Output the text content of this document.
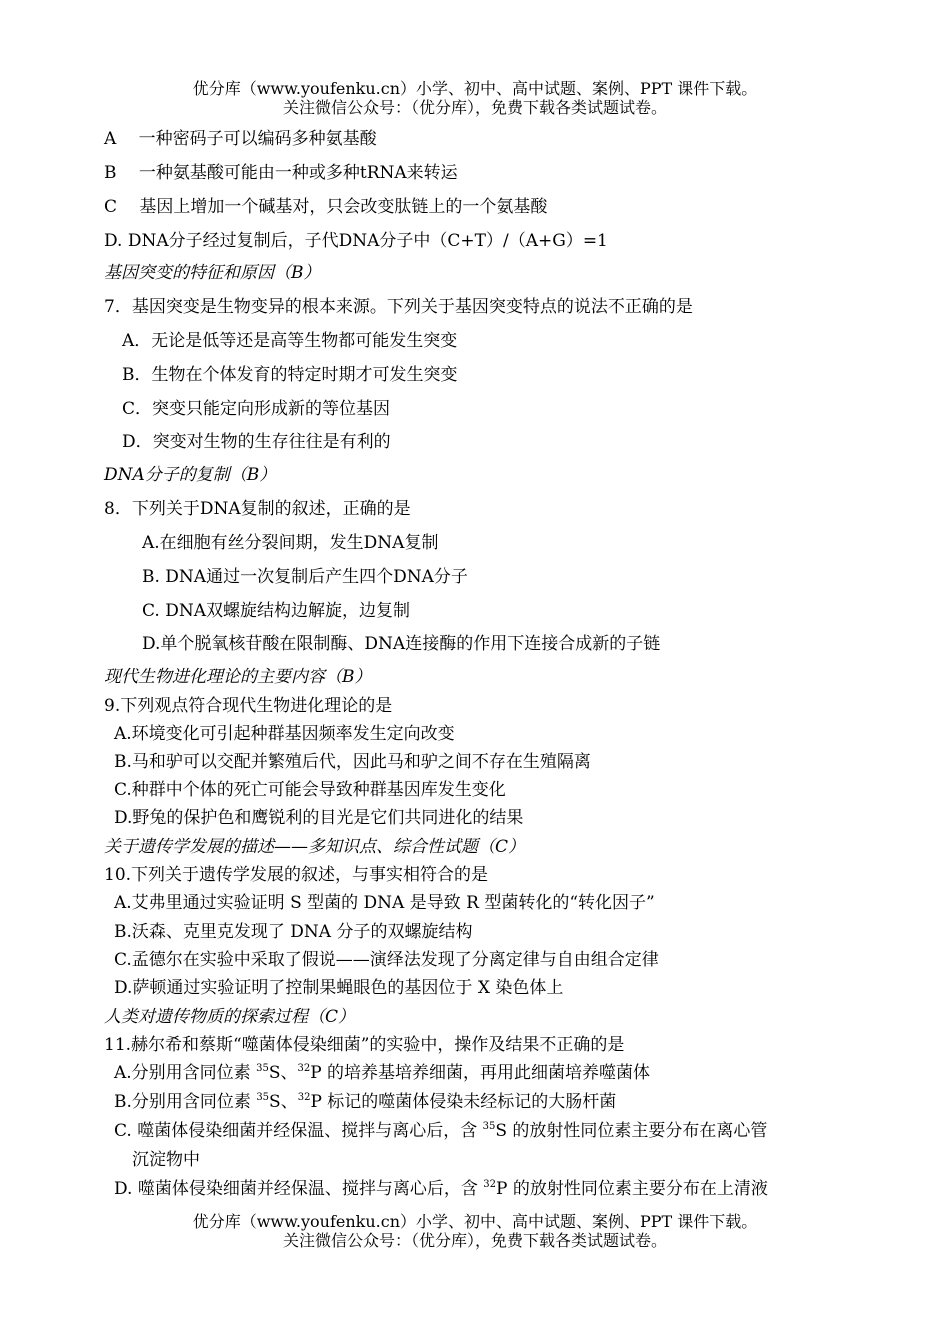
优分库（www.youfenku.cn）小学、初中、高中试题、案例、PPT 课件下载。
关注微信公众号：（优分库），免费下载各类试题试卷。
A　 一种密码子可以编码多种氨基酸
B　 一种氨基酸可能由一种或多种tRNA来转运
C　 基因上增加一个碱基对，只会改变肽链上的一个氨基酸
D. DNA分子经过复制后，子代DNA分子中（C+T）/（A+G）=1
基因突变的特征和原因（B）
7．基因突变是生物变异的根本来源。下列关于基因突变特点的说法不正确的是
A．无论是低等还是高等生物都可能发生突变
B．生物在个体发育的特定时期才可发生突变
C．突变只能定向形成新的等位基因
D．突变对生物的生存往往是有利的
DNA分子的复制（B）
8．下列关于DNA复制的叙述，正确的是
A.在细胞有丝分裂间期，发生DNA复制
B. DNA通过一次复制后产生四个DNA分子
C. DNA双螺旋结构边解旋，边复制
D.单个脱氧核苷酸在限制酶、DNA连接酶的作用下连接合成新的子链
现代生物进化理论的主要内容（B）
9.下列观点符合现代生物进化理论的是
A.环境变化可引起种群基因频率发生定向改变
B.马和驴可以交配并繁殖后代，因此马和驴之间不存在生殖隔离
C.种群中个体的死亡可能会导致种群基因库发生变化
D.野兔的保护色和鹰锐利的目光是它们共同进化的结果
关于遗传学发展的描述——多知识点、综合性试题（C）
10.下列关于遗传学发展的叙述，与事实相符合的是
A.艾弗里通过实验证明 S 型菌的 DNA 是导致 R 型菌转化的“转化因子”
B.沃森、克里克发现了 DNA 分子的双螺旋结构
C.孟德尔在实验中采取了假说——演绎法发现了分离定律与自由组合定律
D.萨顿通过实验证明了控制果蝇眼色的基因位于 X 染色体上
人类对遗传物质的探索过程（C）
11.赫尔希和蔡斯“噬菌体侵染细菌”的实验中，操作及结果不正确的是
A.分别用含同位素 $^{35}$S、$^{32}$P 的培养基培养细菌，再用此细菌培养噬菌体
B.分别用含同位素 $^{35}$S、$^{32}$P 标记的噬菌体侵染未经标记的大肠杆菌
C. 噬菌体侵染细菌并经保温、搅拌与离心后，含 $^{35}$S 的放射性同位素主要分布在离心管
沉淀物中
D. 噬菌体侵染细菌并经保温、搅拌与离心后，含 $^{32}$P 的放射性同位素主要分布在上清液
优分库（www.youfenku.cn）小学、初中、高中试题、案例、PPT 课件下载。
关注微信公众号：（优分库），免费下载各类试题试卷。
